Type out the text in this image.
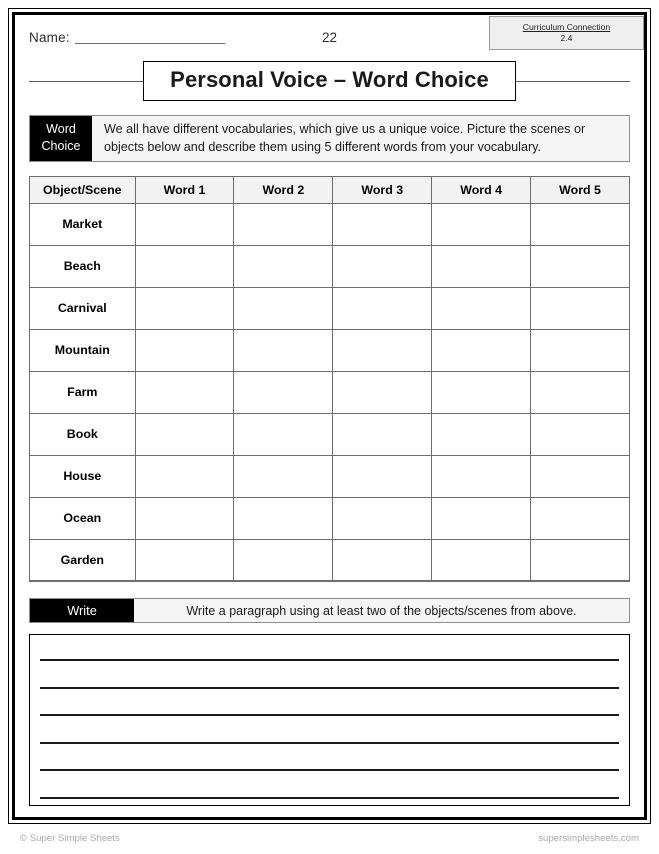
Name:	22
Curriculum Connection
2.4
Personal Voice – Word Choice
Word
Choice
We all have different vocabularies, which give us a unique voice. Picture the scenes or objects below and describe them using 5 different words from your vocabulary.
Object/Scene	Word 1	Word 2	Word 3	Word 4	Word 5
Market					
Beach					
Carnival					
Mountain					
Farm					
Book					
House					
Ocean					
Garden					
Write	Write a paragraph using at least two of the objects/scenes from above.
© Super Simple Sheets	supersimplesheets.com
